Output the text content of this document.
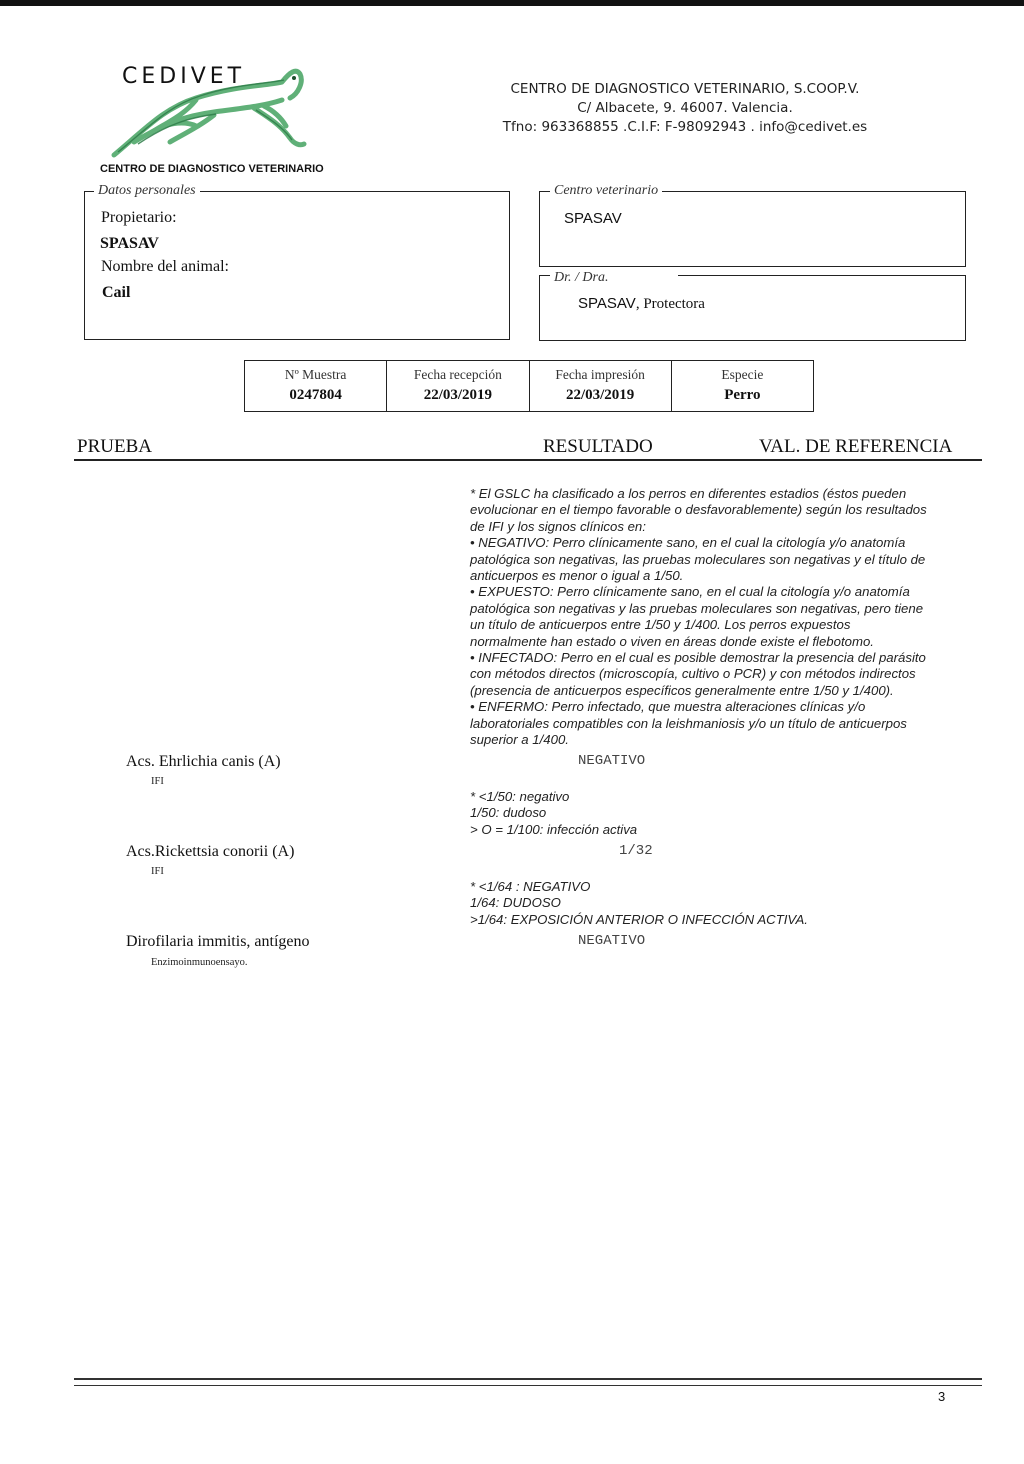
CEDIVET
CENTRO DE DIAGNOSTICO VETERINARIO
CENTRO DE DIAGNOSTICO VETERINARIO, S.COOP.V.
C/ Albacete, 9. 46007. Valencia.
Tfno: 963368855 .C.I.F: F-98092943 . info@cedivet.es
Datos personales
Propietario:
SPASAV
Nombre del animal:
Cail
Centro veterinario
SPASAV
Dr. / Dra.
SPASAV, Protectora
Nº Muestra
0247804
Fecha recepción
22/03/2019
Fecha impresión
22/03/2019
Especie
Perro
PRUEBA	RESULTADO	VAL. DE REFERENCIA
* El GSLC ha clasificado a los perros en diferentes estadios (éstos pueden
evolucionar en el tiempo favorable o desfavorablemente) según los resultados
de IFI y los signos clínicos en:
• NEGATIVO: Perro clínicamente sano, en el cual la citología y/o anatomía
patológica son negativas, las pruebas moleculares son negativas y el título de
anticuerpos es menor o igual a 1/50.
• EXPUESTO: Perro clínicamente sano, en el cual la citología y/o anatomía
patológica son negativas y las pruebas moleculares son negativas, pero tiene
un título de anticuerpos entre 1/50 y 1/400. Los perros expuestos
normalmente han estado o viven en áreas donde existe el flebotomo.
• INFECTADO: Perro en el cual es posible demostrar la presencia del parásito
con métodos directos (microscopía, cultivo o PCR) y con métodos indirectos
(presencia de anticuerpos específicos generalmente entre 1/50 y 1/400).
• ENFERMO: Perro infectado, que muestra alteraciones clínicas y/o
laboratoriales compatibles con la leishmaniosis y/o un título de anticuerpos
superior a 1/400.
Acs. Ehrlichia canis (A)
IFI
NEGATIVO
* <1/50: negativo
1/50: dudoso
> O = 1/100: infección activa
Acs.Rickettsia conorii (A)
IFI
1/32
* <1/64 : NEGATIVO
1/64: DUDOSO
>1/64: EXPOSICIÓN ANTERIOR O INFECCIÓN ACTIVA.
Dirofilaria immitis, antígeno
Enzimoinmunoensayo.
NEGATIVO
3
